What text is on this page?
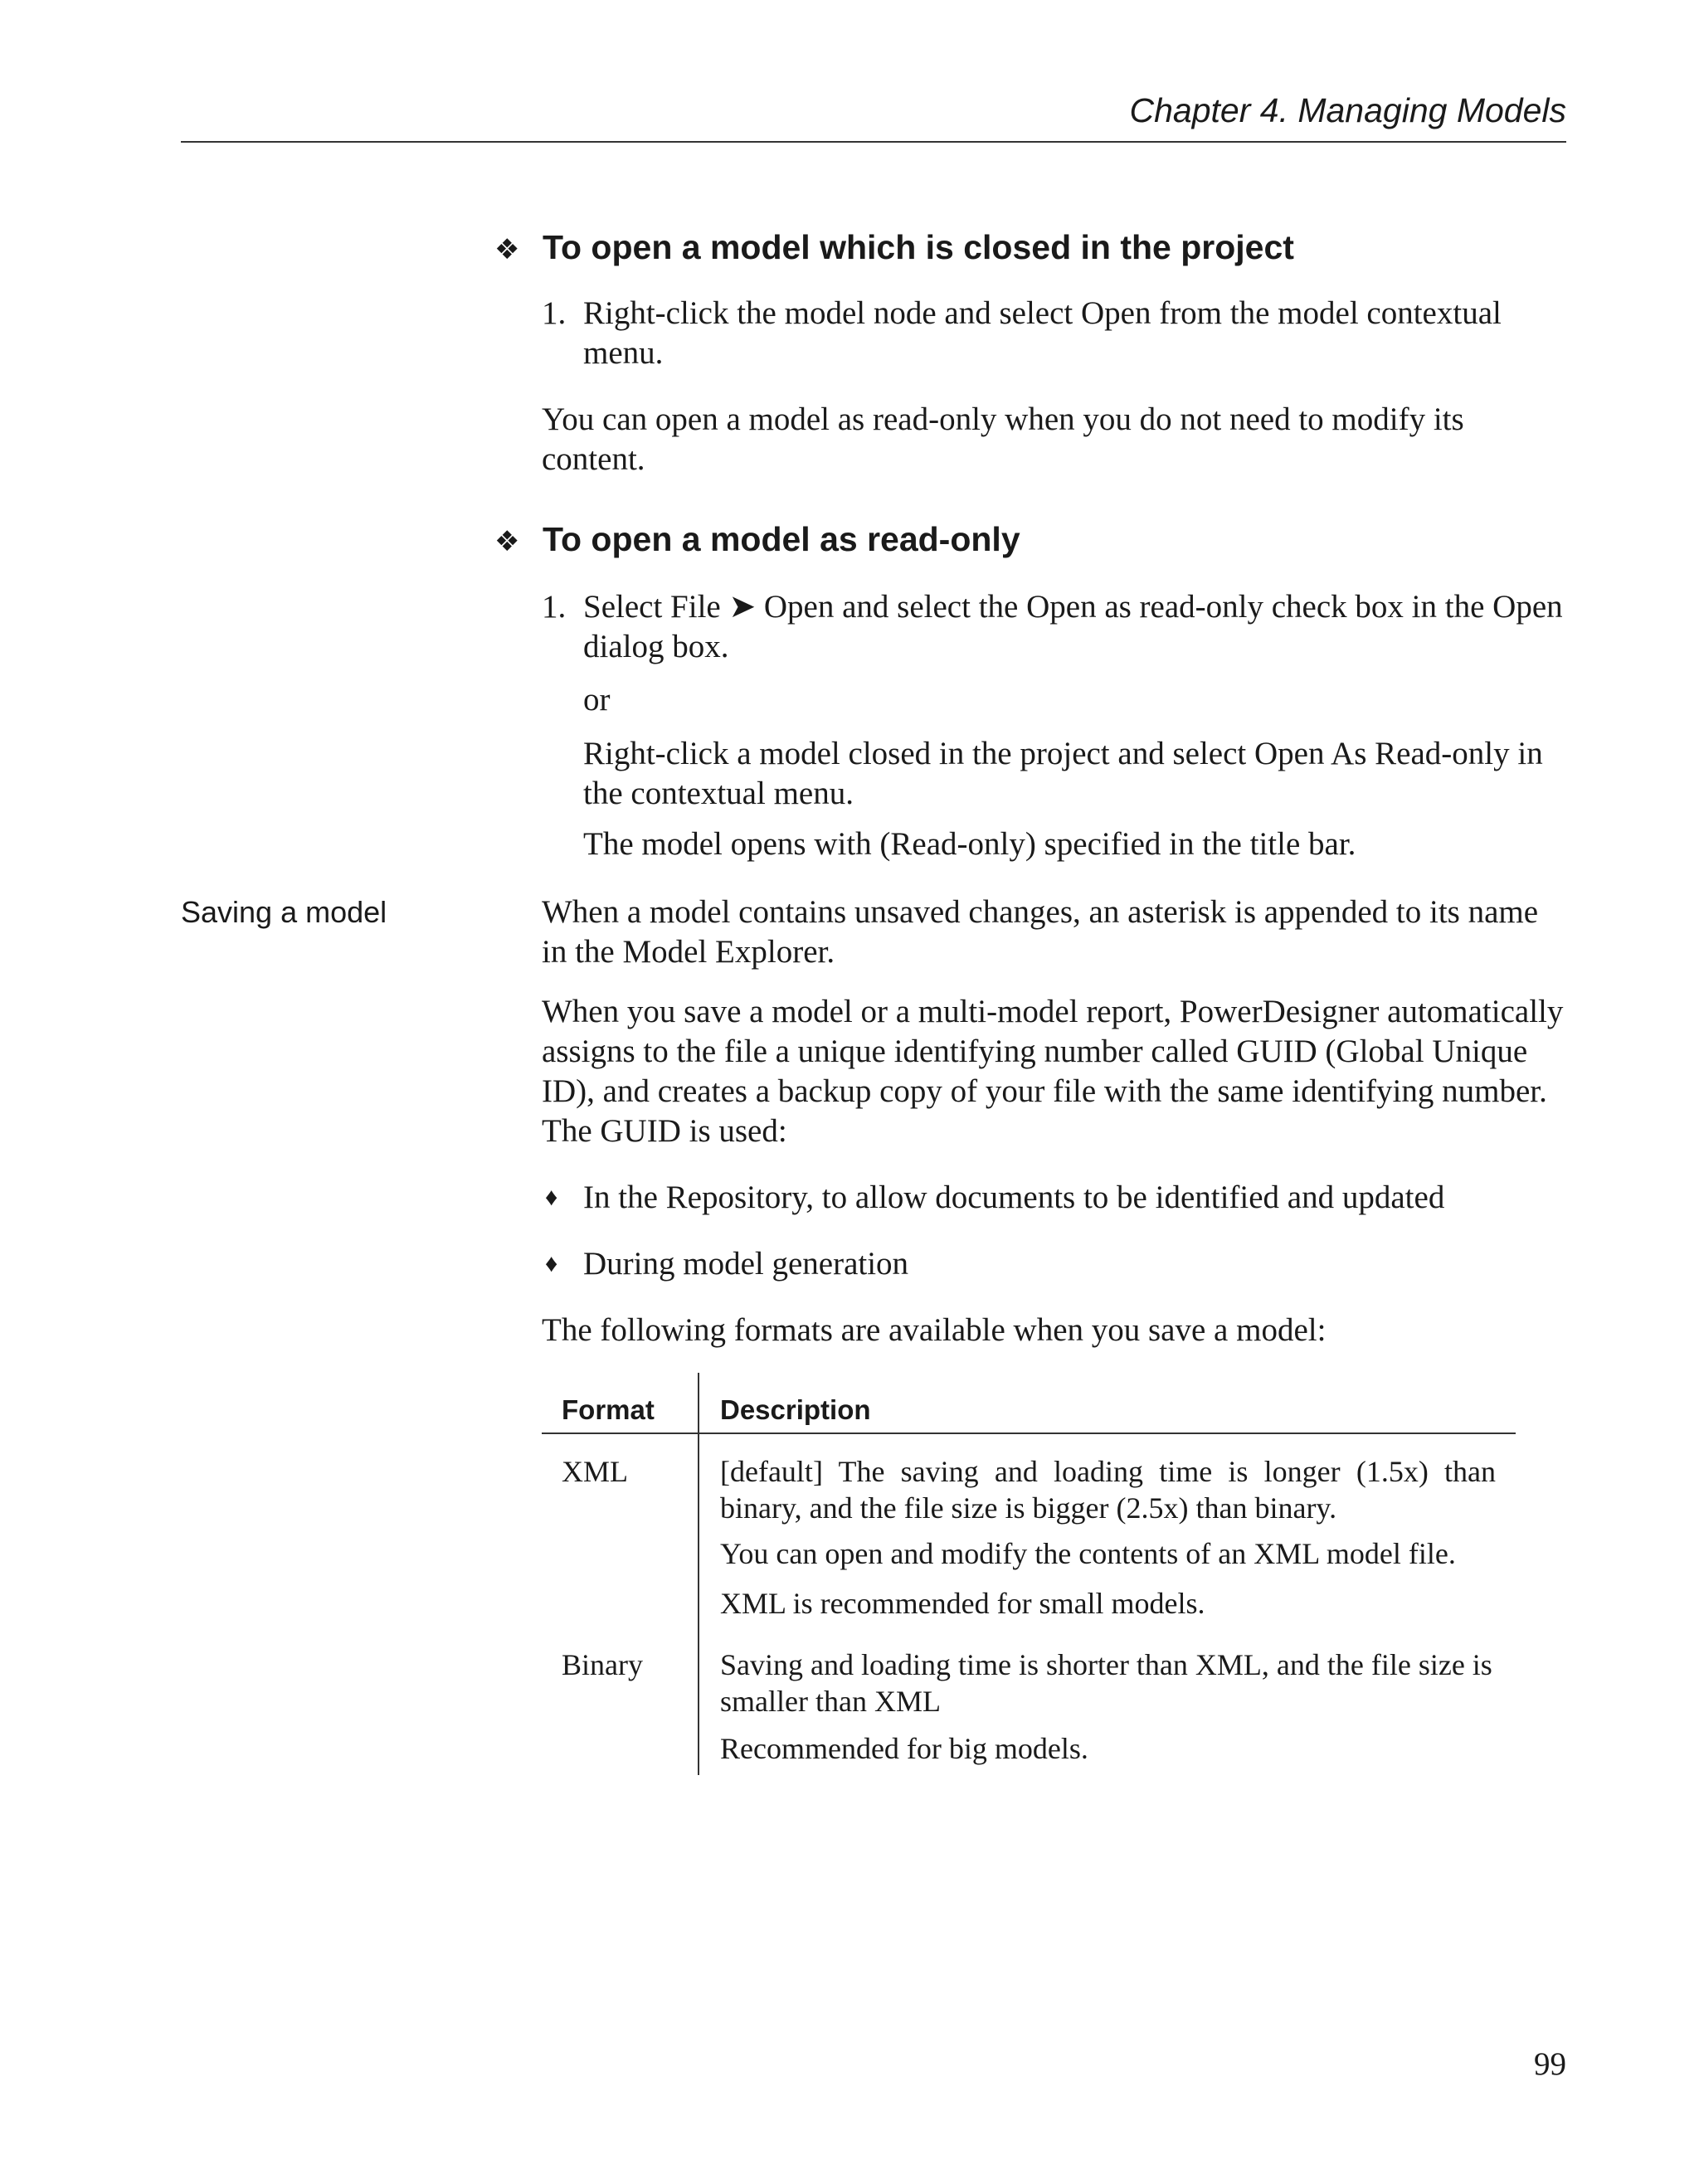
Chapter 4. Managing Models
❖ To open a model which is closed in the project
1. Right-click the model node and select Open from the model contextual menu.

You can open a model as read-only when you do not need to modify its content.

❖ To open a model as read-only
1. Select File ➤ Open and select the Open as read-only check box in the Open dialog box.
or
Right-click a model closed in the project and select Open As Read-only in the contextual menu.
The model opens with (Read-only) specified in the title bar.
Saving a model	When a model contains unsaved changes, an asterisk is appended to its name in the Model Explorer.

When you save a model or a multi-model report, PowerDesigner automatically assigns to the file a unique identifying number called GUID (Global Unique ID), and creates a backup copy of your file with the same identifying number. The GUID is used:

♦ In the Repository, to allow documents to be identified and updated
♦ During model generation

The following formats are available when you save a model:

Format Description
XML	[default] The saving and loading time is longer (1.5x) than binary, and the file size is bigger (2.5x) than binary.
You can open and modify the contents of an XML model file.
XML is recommended for small models.
Binary	Saving and loading time is shorter than XML, and the file size is smaller than XML
Recommended for big models.
99
